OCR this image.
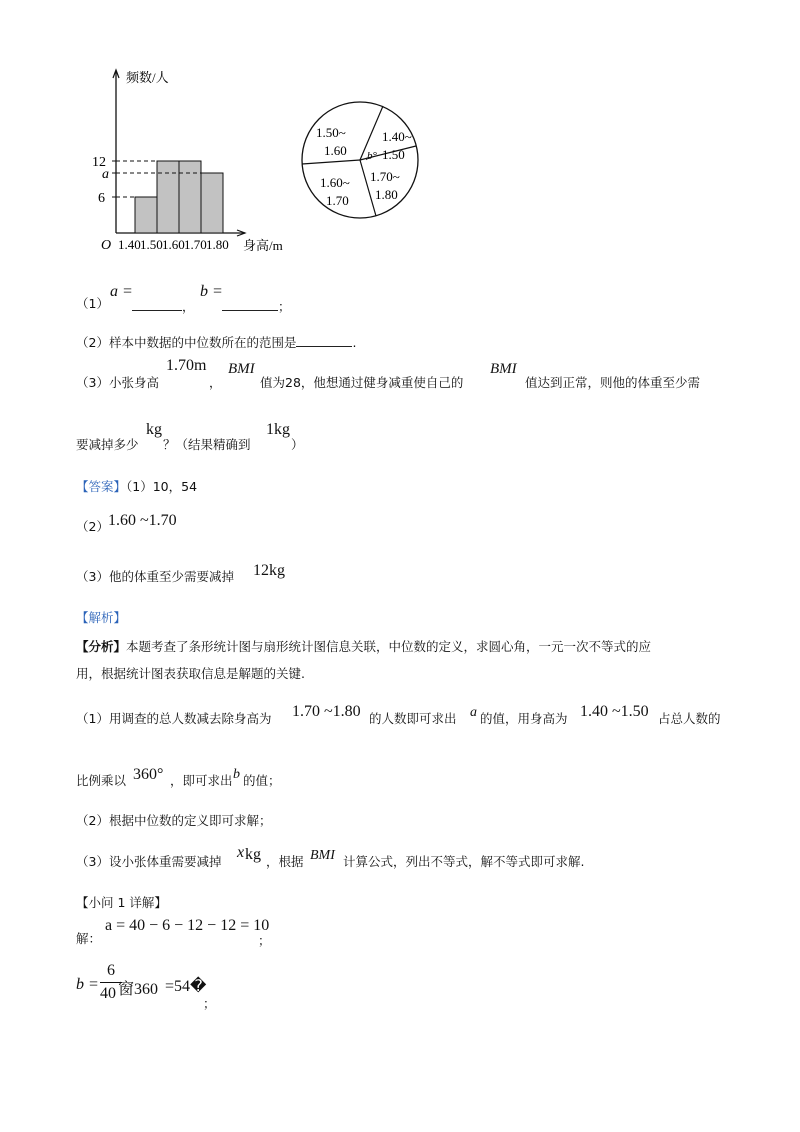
12
a
6
频数/人
O 1.40 1.50 1.60 1.70 1.80 身高/m
1.50~
1.60
1.40~
1.50
b°
1.60~
1.70
1.70~
1.80
（1）
a =
，
b =
；
（2）样本中数据的中位数所在的范围是	.
（3）小张身高
1.70m
，
BMI
值为28，他想通过健身减重使自己的
BMI
值达到正常，则他的体重至少需
要减掉多少
kg
？（结果精确到
1kg
）
【答案】（1）10，54
（2） 1.60 ~1.70
（3）他的体重至少需要减掉 12kg
【解析】
【分析】本题考查了条形统计图与扇形统计图信息关联，中位数的定义，求圆心角，一元一次不等式的应
用，根据统计图表获取信息是解题的关键.
（1）用调查的总人数减去除身高为 1.70 ~1.80 的人数即可求出 a 的值，用身高为 1.40 ~1.50 占总人数的
比例乘以 360° ，即可求出 b 的值；
（2）根据中位数的定义即可求解；
（3）设小张体重需要减掉
x kg ，根据 BMI 计算公式，列出不等式，解不等式即可求解.
【小问 1 详解】
解：
a = 40 − 6 − 12 − 12 = 10
；
b =
6
40 窗360 =54�
；
